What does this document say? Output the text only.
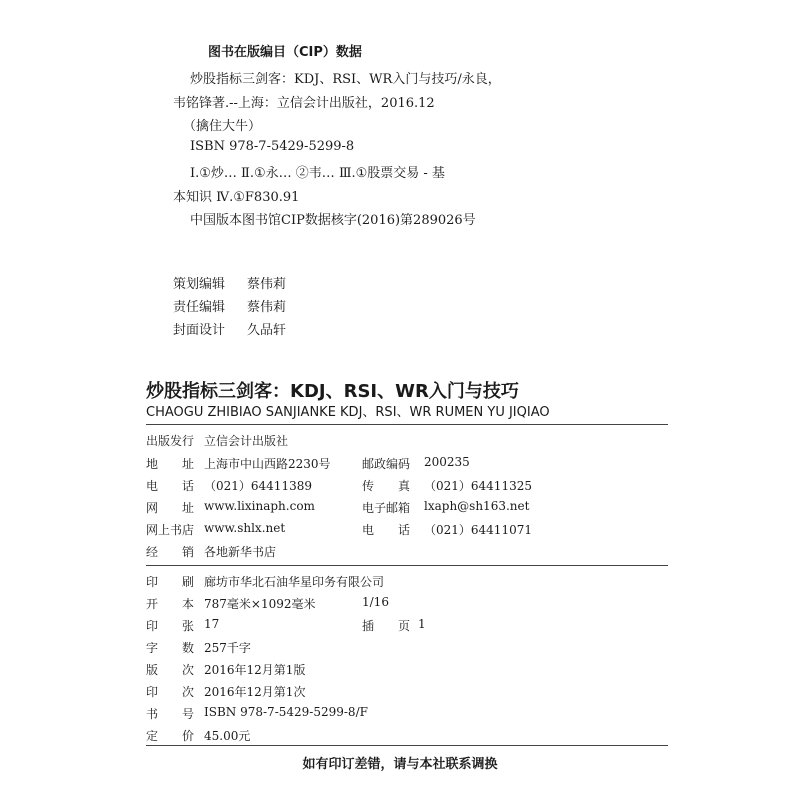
图书在版编目（CIP）数据
炒股指标三剑客：KDJ、RSI、WR入门与技巧/永良，
韦铭锋著.--上海：立信会计出版社，2016.12
（擒住大牛）
ISBN 978-7-5429-5299-8
Ⅰ.①炒… Ⅱ.①永… ②韦… Ⅲ.①股票交易 - 基
本知识 Ⅳ.①F830.91
中国版本图书馆CIP数据核字(2016)第289026号
策划编辑 蔡伟莉
责任编辑 蔡伟莉
封面设计 久品轩
炒股指标三剑客：KDJ、RSI、WR入门与技巧
CHAOGU ZHIBIAO SANJIANKE KDJ、RSI、WR RUMEN YU JIQIAO
出版发行 立信会计出版社
地　　址 上海市中山西路2230号	邮政编码	200235
电　　话 （021）64411389	传　　真	（021）64411325
网　　址 www.lixinaph.com	电子邮箱	lxaph@sh163.net
网上书店 www.shlx.net	电　　话	（021）64411071
经　　销 各地新华书店
印　　刷 廊坊市华北石油华星印务有限公司
开　　本 787毫米×1092毫米	1/16
印　　张 17	插　　页 1
字　　数 257千字
版　　次 2016年12月第1版
印　　次 2016年12月第1次
书　　号 ISBN 978-7-5429-5299-8/F
定　　价 45.00元
如有印订差错，请与本社联系调换
